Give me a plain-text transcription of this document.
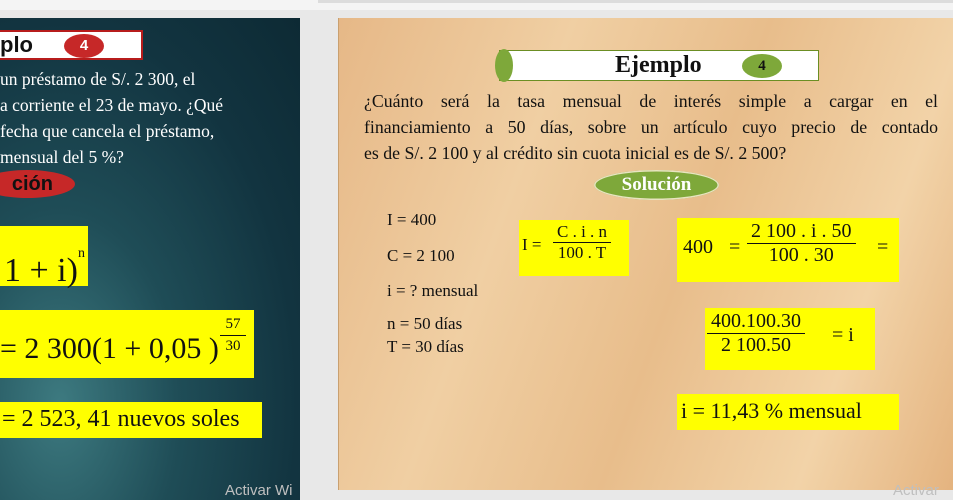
plo	4
un préstamo de S/. 2 300, el
a corriente el 23 de mayo. ¿Qué
fecha que cancela el préstamo,
mensual del 5 %?
ción
1 + i)$^n$
= 2 300(1 + 0,05 )
57
30
= 2 523, 41 nuevos soles
Activar Wi
Ejemplo	4
¿Cuánto será la tasa mensual de interés simple a cargar en el
financiamiento a 50 días, sobre un artículo cuyo precio de contado
es de S/. 2 100 y al crédito sin cuota inicial es de S/. 2 500?
Solución
I = 400
C = 2 100
i = ? mensual
n = 50 días
T = 30 días
I =
C . i . n
100 . T	400 =
2 100 . i . 50
100 . 30	=
400.100.30
2 100.50	= i
i = 11,43 % mensual
Activar
